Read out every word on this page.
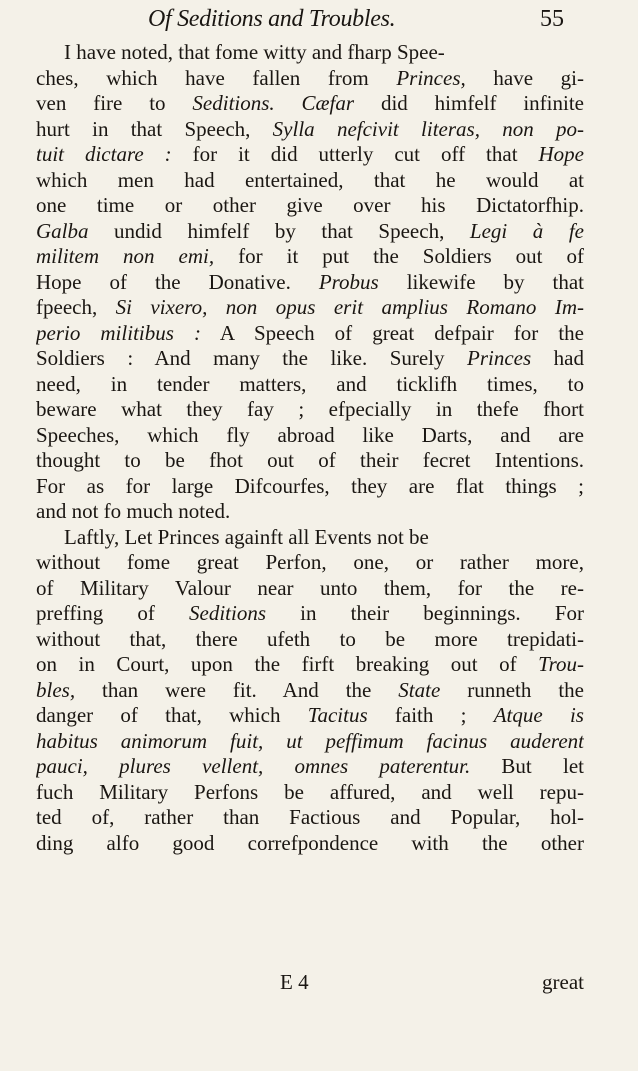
Of Seditions and Troubles.	55
I have noted, that fome witty and fharp Spee-
ches, which have fallen from Princes, have gi-
ven fire to Seditions. Cæfar did himfelf infinite
hurt in that Speech, Sylla nefcivit literas, non po-
tuit dictare : for it did utterly cut off that Hope
which men had entertained, that he would at
one time or other give over his Dictatorfhip.
Galba undid himfelf by that Speech, Legi à fe
militem non emi, for it put the Soldiers out of
Hope of the Donative. Probus likewife by that
fpeech, Si vixero, non opus erit amplius Romano Im-
perio militibus : A Speech of great defpair for the
Soldiers : And many the like. Surely Princes had
need, in tender matters, and ticklifh times, to
beware what they fay ; efpecially in thefe fhort
Speeches, which fly abroad like Darts, and are
thought to be fhot out of their fecret Intentions.
For as for large Difcourfes, they are flat things ;
and not fo much noted.
Laftly, Let Princes againft all Events not be
without fome great Perfon, one, or rather more,
of Military Valour near unto them, for the re-
preffing of Seditions in their beginnings. For
without that, there ufeth to be more trepidati-
on in Court, upon the firft breaking out of Trou-
bles, than were fit. And the State runneth the
danger of that, which Tacitus faith ; Atque is
habitus animorum fuit, ut peffimum facinus auderent
pauci, plures vellent, omnes paterentur. But let
fuch Military Perfons be affured, and well repu-
ted of, rather than Factious and Popular, hol-
ding alfo good correfpondence with the other
E 4	great
